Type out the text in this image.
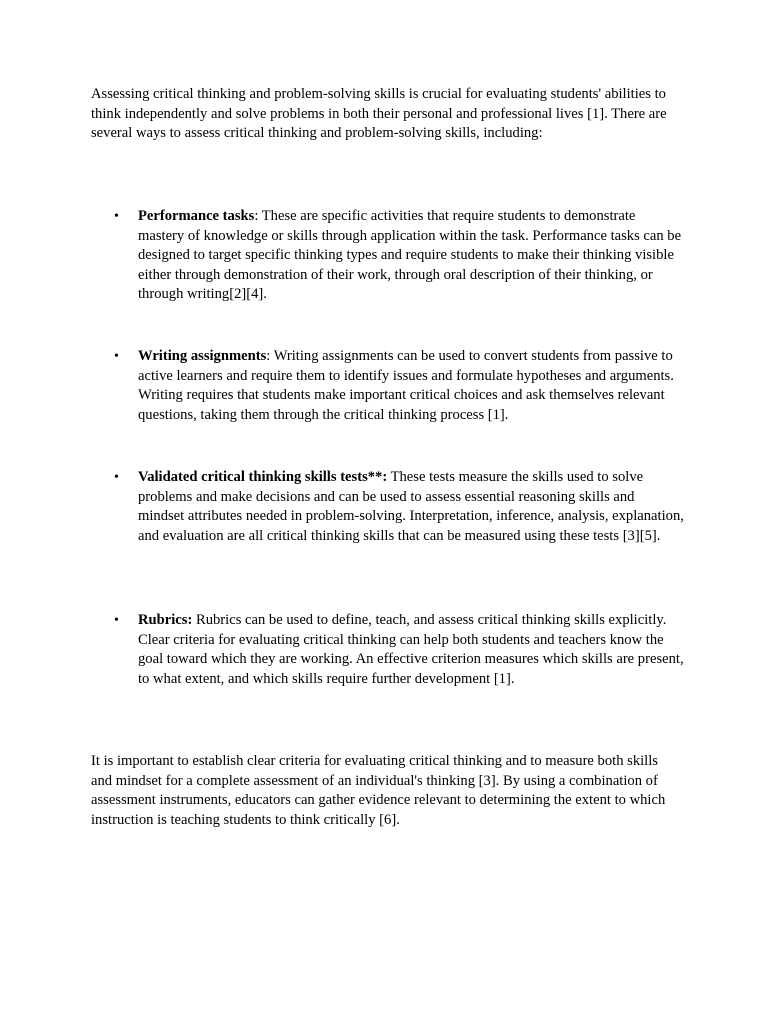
Assessing critical thinking and problem-solving skills is crucial for evaluating students' abilities to think independently and solve problems in both their personal and professional lives [1]. There are several ways to assess critical thinking and problem-solving skills, including:

•	Performance tasks: These are specific activities that require students to demonstrate mastery of knowledge or skills through application within the task. Performance tasks can be designed to target specific thinking types and require students to make their thinking visible either through demonstration of their work, through oral description of their thinking, or through writing[2][4].
•	Writing assignments: Writing assignments can be used to convert students from passive to active learners and require them to identify issues and formulate hypotheses and arguments. Writing requires that students make important critical choices and ask themselves relevant questions, taking them through the critical thinking process [1].
•	Validated critical thinking skills tests**: These tests measure the skills used to solve problems and make decisions and can be used to assess essential reasoning skills and mindset attributes needed in problem-solving. Interpretation, inference, analysis, explanation, and evaluation are all critical thinking skills that can be measured using these tests [3][5].
•	Rubrics: Rubrics can be used to define, teach, and assess critical thinking skills explicitly. Clear criteria for evaluating critical thinking can help both students and teachers know the goal toward which they are working. An effective criterion measures which skills are present, to what extent, and which skills require further development [1].

It is important to establish clear criteria for evaluating critical thinking and to measure both skills and mindset for a complete assessment of an individual's thinking [3]. By using a combination of assessment instruments, educators can gather evidence relevant to determining the extent to which instruction is teaching students to think critically [6].
